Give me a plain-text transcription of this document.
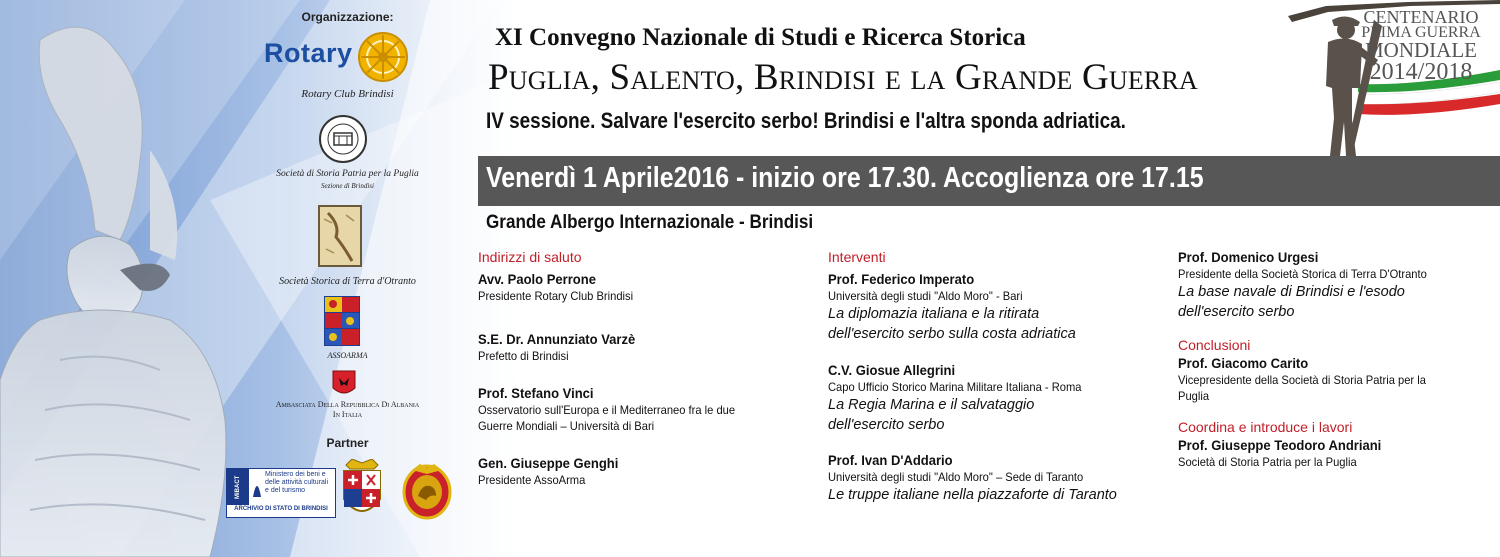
Organizzazione:
Rotary
Rotary Club Brindisi
Società di Storia Patria per la Puglia
Sezione di Brindisi
Società Storica di Terra d'Otranto
ASSOARMA
Ambasciata Della Repubblica Di Albania
In Italia
Partner
MiBACT
Ministero dei beni e delle attività culturali e del turismo
ARCHIVIO DI STATO DI BRINDISI
XI Convegno Nazionale di Studi e Ricerca Storica
Puglia, Salento, Brindisi e la Grande Guerra
IV sessione. Salvare l'esercito serbo! Brindisi e l'altra sponda adriatica.
Venerdì 1 Aprile2016 - inizio ore 17.30. Accoglienza ore 17.15
Grande Albergo Internazionale - Brindisi
CENTENARIO
PRIMA GUERRA
MONDIALE
2014/2018
Indirizzi di saluto
Avv. Paolo Perrone
Presidente Rotary Club Brindisi
S.E. Dr. Annunziato Varzè
Prefetto di Brindisi
Prof. Stefano Vinci
Osservatorio sull'Europa e il Mediterraneo fra le due
Guerre Mondiali – Università di Bari
Gen. Giuseppe Genghi
Presidente AssoArma
Interventi
Prof. Federico Imperato
Università degli studi "Aldo Moro" - Bari
La diplomazia italiana e la ritirata
dell'esercito serbo sulla costa adriatica
C.V. Giosue Allegrini
Capo Ufficio Storico Marina Militare Italiana - Roma
La Regia Marina e il salvataggio
dell'esercito serbo
Prof. Ivan D'Addario
Università degli studi "Aldo Moro" – Sede di Taranto
Le truppe italiane nella piazzaforte di Taranto
Prof. Domenico Urgesi
Presidente della Società Storica di Terra D'Otranto
La base navale di Brindisi e l'esodo
dell'esercito serbo
Conclusioni
Prof. Giacomo Carito
Vicepresidente della Società di Storia Patria per la
Puglia
Coordina e introduce i lavori
Prof. Giuseppe Teodoro Andriani
Società di Storia Patria per la Puglia
